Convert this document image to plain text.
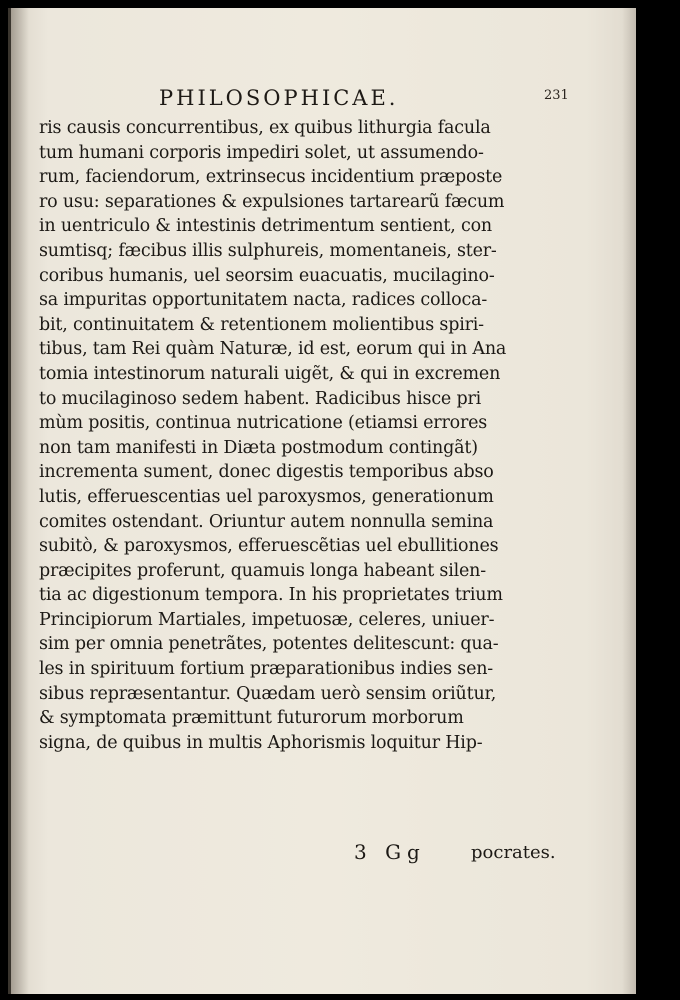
PHILOSOPHICAE.	231
ris causis concurrentibus, ex quibus lithurgia facula
tum humani corporis impediri solet, ut assumendo-
rum, faciendorum, extrinsecus incidentium præposte
ro usu: separationes & expulsiones tartarearũ fæcum
in uentriculo & intestinis detrimentum sentient, con
sumtisq; fæcibus illis sulphureis, momentaneis, ster-
coribus humanis, uel seorsim euacuatis, mucilagino-
sa impuritas opportunitatem nacta, radices colloca-
bit, continuitatem & retentionem molientibus spiri-
tibus, tam Rei quàm Naturæ, id est, eorum qui in Ana
tomia intestinorum naturali uigẽt, & qui in excremen
to mucilaginoso sedem habent. Radicibus hisce pri
mùm positis, continua nutricatione (etiamsi errores
non tam manifesti in Diæta postmodum contingãt)
incrementa sument, donec digestis temporibus abso
lutis, efferuescentias uel paroxysmos, generationum
comites ostendant. Oriuntur autem nonnulla semina
subitò, & paroxysmos, efferuescẽtias uel ebullitiones
præcipites proferunt, quamuis longa habeant silen-
tia ac digestionum tempora. In his proprietates trium
Principiorum Martiales, impetuosæ, celeres, uniuer-
sim per omnia penetrãtes, potentes delitescunt: qua-
les in spirituum fortium præparationibus indies sen-
sibus repræsentantur. Quædam uerò sensim oriũtur,
& symptomata præmittunt futurorum morborum
signa, de quibus in multis Aphorismis loquitur Hip-
3 Gg	pocrates.
